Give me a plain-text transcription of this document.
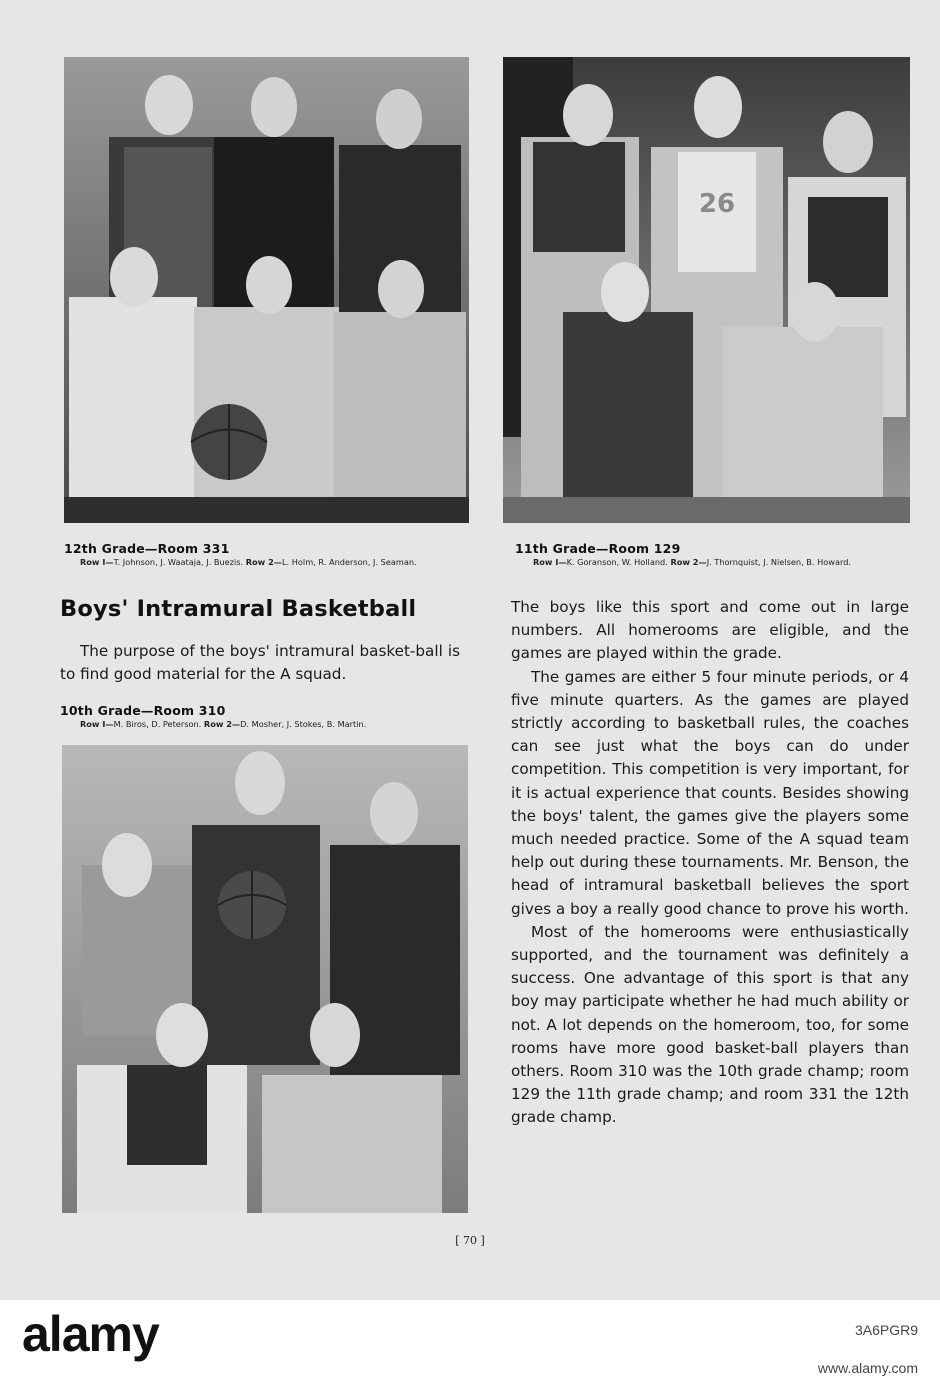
26
12th Grade—Room 331
Row I—T. Johnson, J. Waataja, J. Buezis. Row 2—L. Holm, R. Anderson, J. Seaman.
11th Grade—Room 129
Row I—K. Goranson, W. Holland. Row 2—J. Thornquist, J. Nielsen, B. Howard.
Boys' Intramural Basketball

The purpose of the boys' intramural basket-ball is to find good material for the A squad.

10th Grade—Room 310
Row I—M. Biros, D. Peterson. Row 2—D. Mosher, J. Stokes, B. Martin.

The boys like this sport and come out in large numbers. All homerooms are eligible, and the games are played within the grade.

The games are either 5 four minute periods, or 4 five minute quarters. As the games are played strictly according to basketball rules, the coaches can see just what the boys can do under competition. This competition is very important, for it is actual experience that counts. Besides showing the boys' talent, the games give the players some much needed practice. Some of the A squad team help out during these tournaments. Mr. Benson, the head of intramural basketball believes the sport gives a boy a really good chance to prove his worth.

Most of the homerooms were enthusiastically supported, and the tournament was definitely a success. One advantage of this sport is that any boy may participate whether he had much ability or not. A lot depends on the homeroom, too, for some rooms have more good basket-ball players than others. Room 310 was the 10th grade champ; room 129 the 11th grade champ; and room 331 the 12th grade champ.

[ 70 ]
alamy	3A6PGR9
www.alamy.com
